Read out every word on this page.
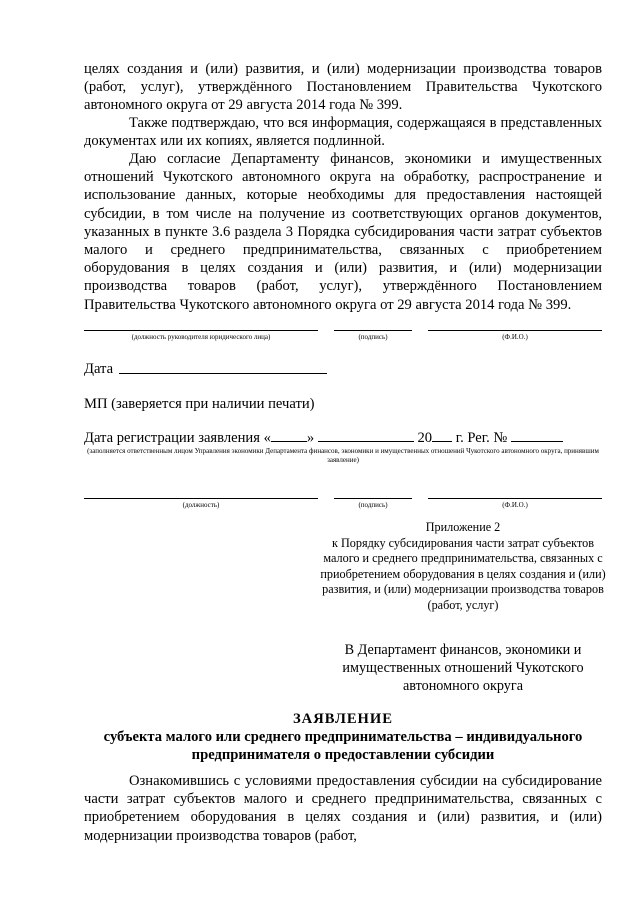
целях создания и (или) развития, и (или) модернизации производства товаров (работ, услуг), утверждённого Постановлением Правительства Чукотского автономного округа от 29 августа 2014 года № 399.
Также подтверждаю, что вся информация, содержащаяся в представленных документах или их копиях, является подлинной.
Даю согласие Департаменту финансов, экономики и имущественных отношений Чукотского автономного округа на обработку, распространение и использование данных, которые необходимы для предоставления настоящей субсидии, в том числе на получение из соответствующих органов документов, указанных в пункте 3.6 раздела 3 Порядка субсидирования части затрат субъектов малого и среднего предпринимательства, связанных с приобретением оборудования в целях создания и (или) развития, и (или) модернизации производства товаров (работ, услуг), утверждённого Постановлением Правительства Чукотского автономного округа от 29 августа 2014 года № 399.
(должность руководителя юридического лица)	(подпись)	(Ф.И.О.)
Дата
МП (заверяется при наличии печати)
Дата регистрации заявления « »	20 г. Рег. №
(заполняется ответственным лицом Управления экономики Департамента финансов, экономики и имущественных отношений Чукотского автономного округа, принявшим заявление)
(должность)	(подпись)	(Ф.И.О.)
Приложение 2
к Порядку субсидирования части затрат субъектов малого и среднего предпринимательства, связанных с приобретением оборудования в целях создания и (или) развития, и (или) модернизации производства товаров (работ, услуг)
В Департамент финансов, экономики и имущественных отношений Чукотского автономного округа
ЗАЯВЛЕНИЕ
субъекта малого или среднего предпринимательства – индивидуального предпринимателя о предоставлении субсидии
Ознакомившись с условиями предоставления субсидии на субсидирование части затрат субъектов малого и среднего предпринимательства, связанных с приобретением оборудования в целях создания и (или) развития, и (или) модернизации производства товаров (работ,
